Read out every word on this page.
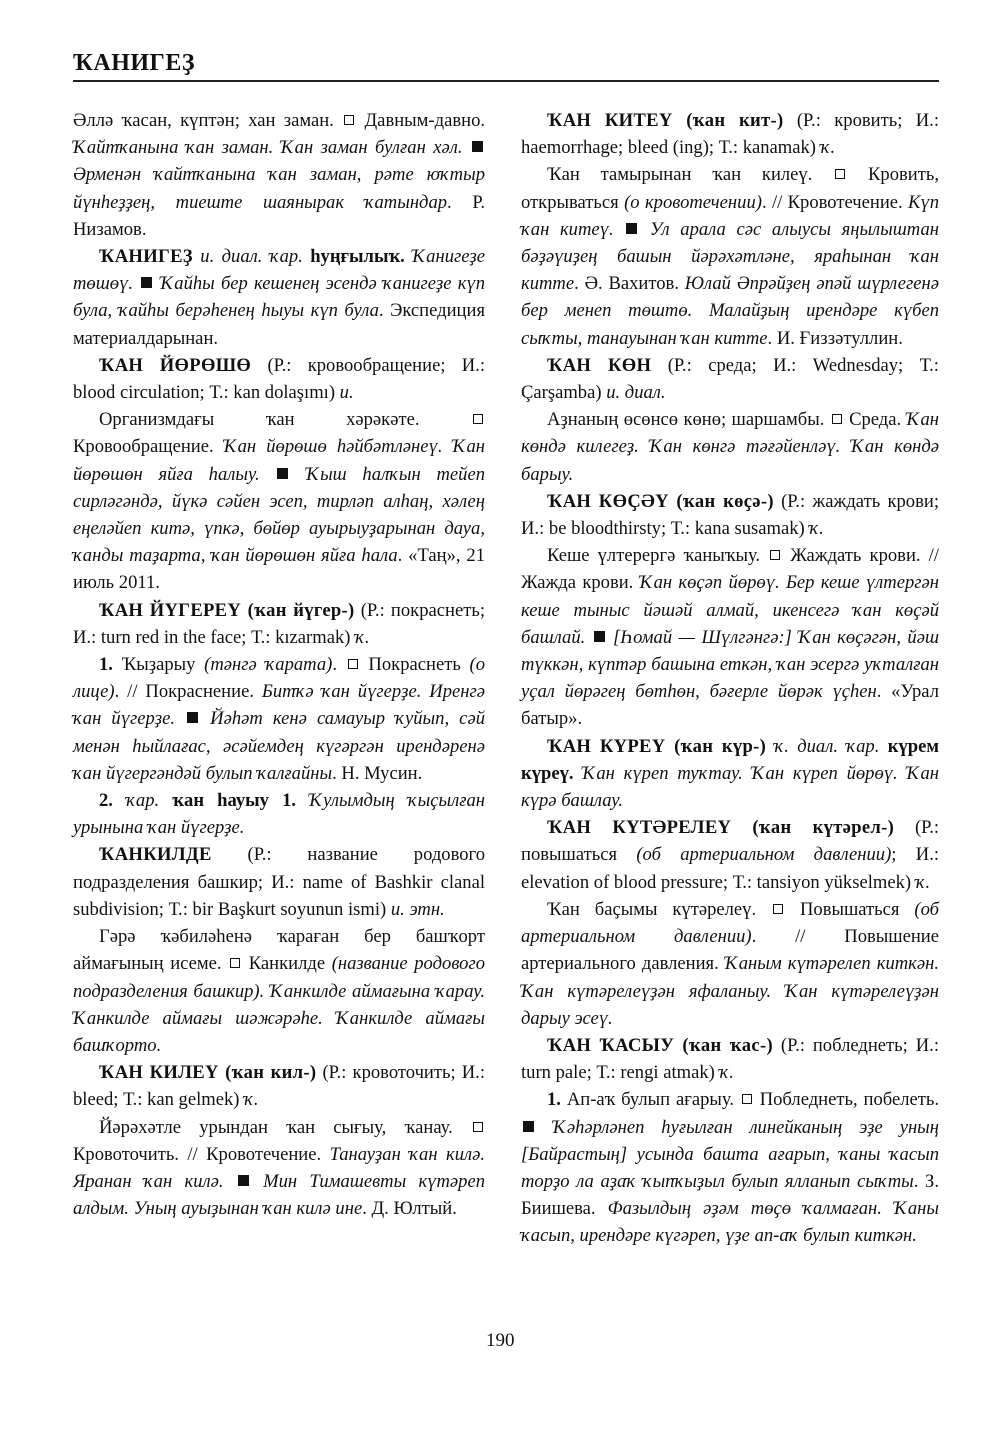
ҠАНИГЕҘ

Әллә ҡасан, күптән; хан заман.  Давным-давно. Ҡайтҡанына ҡан заман. Ҡан заман булған хәл.  Әрменән ҡайтҡанына ҡан заман, рәте юҡтыр йүнһеҙҙең, тиеште шаянырак ҡатындар. Р. Низамов.

ҠАНИГЕҘ и. диал. ҡар. һуңғылыҡ. Ҡанигеҙе төшөү. Ҡайһы бер кешенең эсендә ҡанигеҙе күп була, ҡайһы берәһенең һыуы күп була. Экспедиция материалдарынан.

ҠАН ЙӨРӨШӨ (Р.: кровообращение; И.: blood circulation; Т.: kan dolaşımı) и.

Организмдағы ҡан хәрәкәте.  Кровообращение. Ҡан йөрөшө һәйбәтләнеү. Ҡан йөрөшөн яйға һалыу. Ҡыш һалҡын тейеп сирләгәндә, йүкә сәйен эсеп, тирләп алһаң, хәлең еңеләйеп китә, үпкә, бөйөр ауырыуҙарынан дауа, ҡанды таҙарта, ҡан йөрөшөн яйға һала. «Таң», 21 июль 2011.

ҠАН ЙҮГЕРЕҮ (ҡан йүгер-) (Р.: покраснеть; И.: turn red in the face; Т.: kızarmak) ҡ.

1. Ҡыҙарыу (тәнгә ҡарата).  Покраснеть (о лице). // Покраснение. Битҡә ҡан йүгерҙе. Иренгә ҡан йүгерҙе. Йәһәт кенә самауыр ҡуйып, сәй менән һыйлағас, әсәйемдең күгәргән ирендәренә ҡан йүгергәндәй булып ҡалғайны. Н. Мусин.

2. ҡар. ҡан һауыу 1. Ҡулымдың ҡыҫылған урынына ҡан йүгерҙе.

ҠАНКИЛДЕ (Р.: название родового подразделения башкир; И.: name of Bashkir clanal subdivision; Т.: bir Başkurt soyunun ismi) и. этн.

Гәрә ҡәбиләһенә ҡараған бер башҡорт аймағының исеме.  Канкилде (название родового подразделения башкир). Ҡанкилде аймағына ҡарау. Ҡанкилде аймағы шәжәрәһе. Ҡанкилде аймағы башҡорто.

ҠАН КИЛЕҮ (ҡан кил-) (Р.: кровоточить; И.: bleed; Т.: kan gelmek) ҡ.

Йәрәхәтле урындан ҡан сығыу, ҡанау.  Кровоточить. // Кровотечение. Танауҙан ҡан килә. Яранан ҡан килә. Мин Тимашевты күтәреп алдым. Уның ауыҙынан ҡан килә ине. Д. Юлтый.

ҠАН КИТЕҮ (ҡан кит-) (Р.: кровить; И.: haemorrhage; bleed (ing); Т.: kanamak) ҡ.

Ҡан тамырынан ҡан килеү.  Кровить, открываться (о кровотечении). // Кровотечение. Күп ҡан китеү. Ул арала сәс алыусы яңылыштан бәҙәүиҙең башын йәрәхәтләне, ярaһынан ҡан китте. Ә. Вахитов. Юлай Әпрәйҙең әпәй шүрлегенә бер менеп төштө. Малайҙың ирендәре күбеп сыҡты, танауынан ҡан китте. И. Ғиззәтуллин.

ҠАН КӨН (Р.: среда; И.: Wednesday; Т.: Çarşamba) и. диал.

Аҙнаның өсөнсө көнө; шаршамбы.  Среда. Ҡан көндә килегеҙ. Ҡан көнгә тәғәйенләү. Ҡан көндә барыу.

ҠАН КӨҪӘҮ (ҡан көҫә-) (Р.: жаждать крови; И.: be bloodthirsty; Т.: kana susamak) ҡ.

Кеше үлтерергә ҡаныҡыу.  Жаждать крови. // Жажда крови. Ҡан көҫәп йөрөү. Бер кеше үлтергән кеше тыныс йәшәй алмай, икенсегә ҡан көҫәй башлай. [Һомай — Шүлгәнгә:] Ҡан көҫәгән, йәш түккән, күптәр башына еткән, ҡан эсергә уҡталған уҫал йөрәгең бөтһөн, бәғерле йөрәк үҫһен. «Урал батыр».

ҠАН КҮРЕҮ (ҡан күр-) ҡ. диал. ҡар. күрем күреү. Ҡан күреп туҡтау. Ҡан күреп йөрөү. Ҡан күрә башлау.

ҠАН КҮТӘРЕЛЕҮ (ҡан күтәрел-) (Р.: повышаться (об артериальном давлении); И.: elevation of blood pressure; Т.: tansiyon yükselmek) ҡ.

Ҡан баҫымы күтәрелеү.  Повышаться (об артериальном давлении). // Повышение артериального давления. Ҡаным күтәрелеп киткән. Ҡан күтәрелеүҙән яфаланыу. Ҡан күтәрелеүҙән дарыу эсеү.

ҠАН ҠАСЫУ (ҡан ҡас-) (Р.: побледнеть; И.: turn pale; Т.: rengi atmak) ҡ.

1. Ап-аҡ булып ағарыу.  Побледнеть, побелеть.  Ҡәһәрләнеп һуғылған линейканың эҙе уның [Байрастың] усында башта ағарып, ҡаны ҡасып торҙо ла аҙаҡ ҡыпҡыҙыл булып ялланып сыҡты. З. Биишева. Фазылдың әҙәм төҫө ҡалмаған. Ҡаны ҡасып, ирендәре күгәреп, үҙе ап-аҡ булып киткән.

190
